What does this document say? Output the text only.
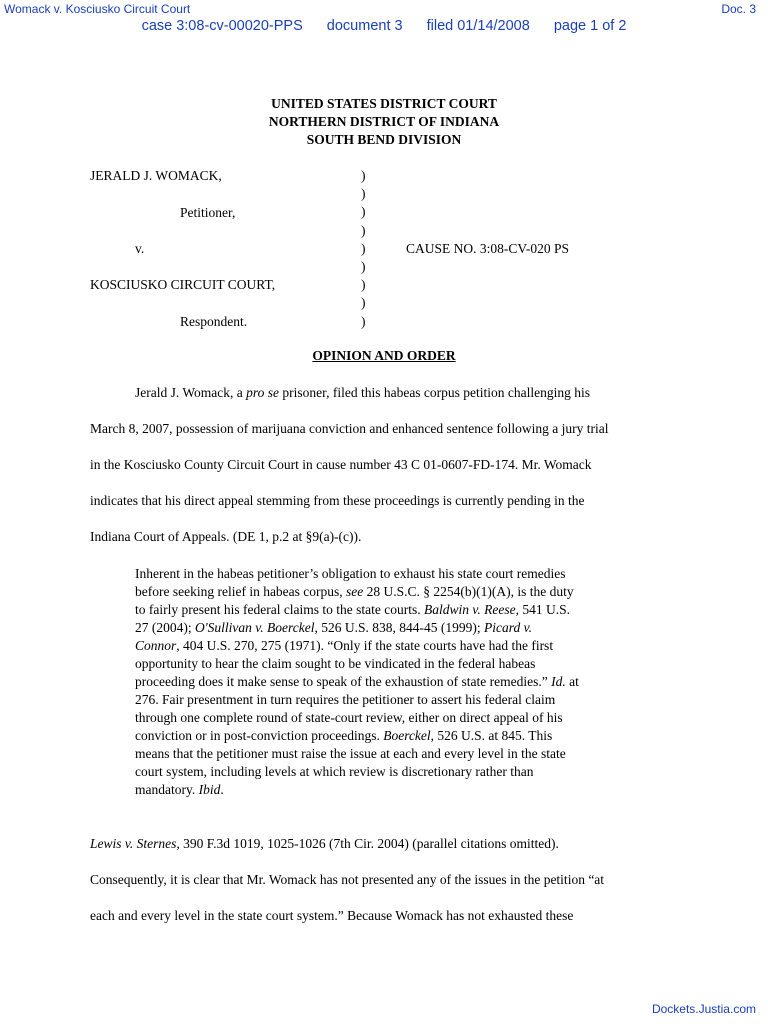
Womack v. Kosciusko Circuit Court	Doc. 3
case 3:08-cv-00020-PPS document 3 filed 01/14/2008 page 1 of 2
UNITED STATES DISTRICT COURT
NORTHERN DISTRICT OF INDIANA
SOUTH BEND DIVISION
JERALD J. WOMACK,
Petitioner,
v.
KOSCIUSKO CIRCUIT COURT,
Respondent.
CAUSE NO. 3:08-CV-020 PS
)
)
)
)
)
)
)
)
)
OPINION AND ORDER
Jerald J. Womack, a pro se prisoner, filed this habeas corpus petition challenging his
March 8, 2007, possession of marijuana conviction and enhanced sentence following a jury trial
in the Kosciusko County Circuit Court in cause number 43 C 01-0607-FD-174. Mr. Womack
indicates that his direct appeal stemming from these proceedings is currently pending in the
Indiana Court of Appeals. (DE 1, p.2 at §9(a)-(c)).
Inherent in the habeas petitioner’s obligation to exhaust his state court remedies
before seeking relief in habeas corpus, see 28 U.S.C. § 2254(b)(1)(A), is the duty
to fairly present his federal claims to the state courts. Baldwin v. Reese, 541 U.S.
27 (2004); O'Sullivan v. Boerckel, 526 U.S. 838, 844-45 (1999); Picard v.
Connor, 404 U.S. 270, 275 (1971). “Only if the state courts have had the first
opportunity to hear the claim sought to be vindicated in the federal habeas
proceeding does it make sense to speak of the exhaustion of state remedies.” Id. at
276. Fair presentment in turn requires the petitioner to assert his federal claim
through one complete round of state-court review, either on direct appeal of his
conviction or in post-conviction proceedings. Boerckel, 526 U.S. at 845. This
means that the petitioner must raise the issue at each and every level in the state
court system, including levels at which review is discretionary rather than
mandatory. Ibid.
Lewis v. Sternes, 390 F.3d 1019, 1025-1026 (7th Cir. 2004) (parallel citations omitted).
Consequently, it is clear that Mr. Womack has not presented any of the issues in the petition “at
each and every level in the state court system.” Because Womack has not exhausted these
Dockets.Justia.com
